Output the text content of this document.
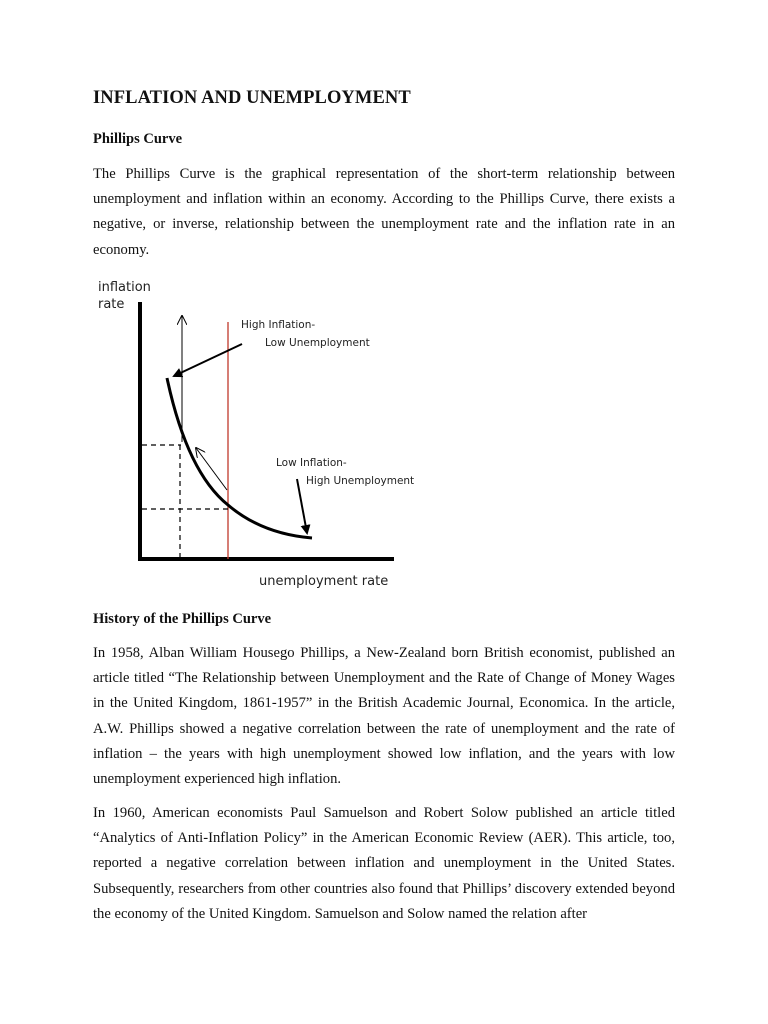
INFLATION AND UNEMPLOYMENT
Phillips Curve

The Phillips Curve is the graphical representation of the short-term relationship between unemployment and inflation within an economy. According to the Phillips Curve, there exists a negative, or inverse, relationship between the unemployment rate and the inflation rate in an economy.

inflation
rate
unemployment rate
High Inflation-
Low Unemployment
Low Inflation-
High Unemployment
History of the Phillips Curve

In 1958, Alban William Housego Phillips, a New-Zealand born British economist, published an article titled “The Relationship between Unemployment and the Rate of Change of Money Wages in the United Kingdom, 1861-1957” in the British Academic Journal, Economica. In the article, A.W. Phillips showed a negative correlation between the rate of unemployment and the rate of inflation – the years with high unemployment showed low inflation, and the years with low unemployment experienced high inflation.

In 1960, American economists Paul Samuelson and Robert Solow published an article titled “Analytics of Anti-Inflation Policy” in the American Economic Review (AER). This article, too, reported a negative correlation between inflation and unemployment in the United States. Subsequently, researchers from other countries also found that Phillips’ discovery extended beyond the economy of the United Kingdom. Samuelson and Solow named the relation after
